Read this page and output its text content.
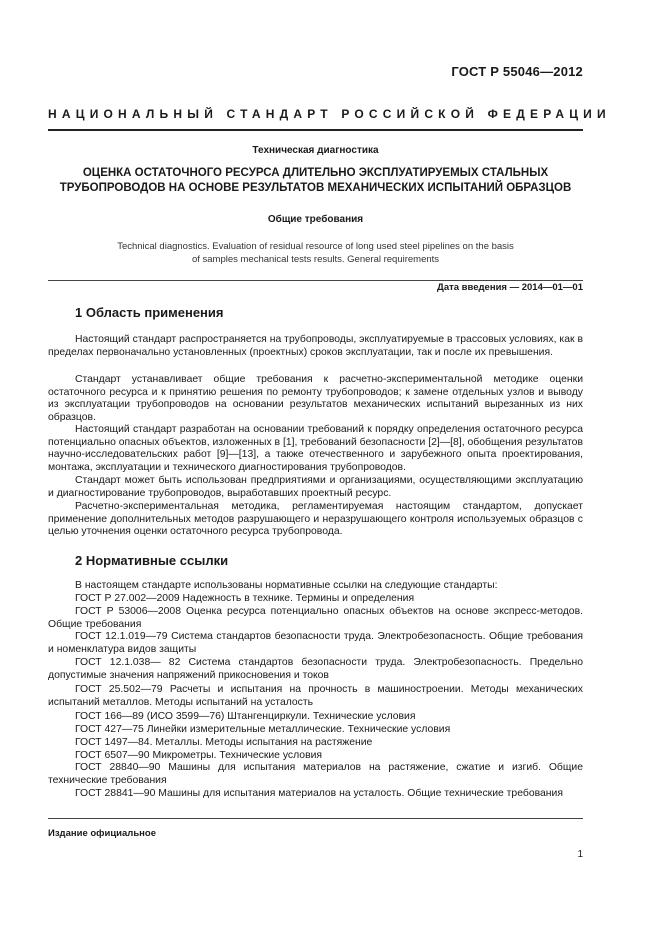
ГОСТ Р 55046—2012
НАЦИОНАЛЬНЫЙ СТАНДАРТ РОССИЙСКОЙ ФЕДЕРАЦИИ
Техническая диагностика
ОЦЕНКА ОСТАТОЧНОГО РЕСУРСА ДЛИТЕЛЬНО ЭКСПЛУАТИРУЕМЫХ СТАЛЬНЫХ
ТРУБОПРОВОДОВ НА ОСНОВЕ РЕЗУЛЬТАТОВ МЕХАНИЧЕСКИХ ИСПЫТАНИЙ ОБРАЗЦОВ
Общие требования
Technical diagnostics. Evaluation of residual resource of long used steel pipelines on the basis
of samples mechanical tests results. General requirements
Дата введения — 2014—01—01
1 Область применения

Настоящий стандарт распространяется на трубопроводы, эксплуатируемые в трассовых условиях, как в пределах первоначально установленных (проектных) сроков эксплуатации, так и после их превышения.

Стандарт устанавливает общие требования к расчетно-экспериментальной методике оценки остаточного ресурса и к принятию решения по ремонту трубопроводов; к замене отдельных узлов и выводу из эксплуатации трубопроводов на основании результатов механических испытаний вырезанных из них образцов.

Настоящий стандарт разработан на основании требований к порядку определения остаточного ресурса потенциально опасных объектов, изложенных в [1], требований безопасности [2]—[8], обобщения результатов научно-исследовательских работ [9]—[13], а также отечественного и зарубежного опыта проектирования, монтажа, эксплуатации и технического диагностирования трубопроводов.

Стандарт может быть использован предприятиями и организациями, осуществляющими эксплуатацию и диагностирование трубопроводов, выработавших проектный ресурс.

Расчетно-экспериментальная методика, регламентируемая настоящим стандартом, допускает применение дополнительных методов разрушающего и неразрушающего контроля используемых образцов с целью уточнения оценки остаточного ресурса трубопровода.

2 Нормативные ссылки

В настоящем стандарте использованы нормативные ссылки на следующие стандарты:

ГОСТ Р 27.002—2009 Надежность в технике. Термины и определения

ГОСТ Р 53006—2008 Оценка ресурса потенциально опасных объектов на основе экспресс-методов. Общие требования

ГОСТ 12.1.019—79 Система стандартов безопасности труда. Электробезопасность. Общие требования и номенклатура видов защиты

ГОСТ 12.1.038— 82 Система стандартов безопасности труда. Электробезопасность. Предельно допустимые значения напряжений прикосновения и токов

ГОСТ 25.502—79 Расчеты и испытания на прочность в машиностроении. Методы механических испытаний металлов. Методы испытаний на усталость

ГОСТ 166—89 (ИСО 3599—76) Штангенциркули. Технические условия

ГОСТ 427—75 Линейки измерительные металлические. Технические условия

ГОСТ 1497—84. Металлы. Методы испытания на растяжение

ГОСТ 6507—90 Микрометры. Технические условия

ГОСТ 28840—90 Машины для испытания материалов на растяжение, сжатие и изгиб. Общие технические требования

ГОСТ 28841—90 Машины для испытания материалов на усталость. Общие технические требования

Издание официальное
1
